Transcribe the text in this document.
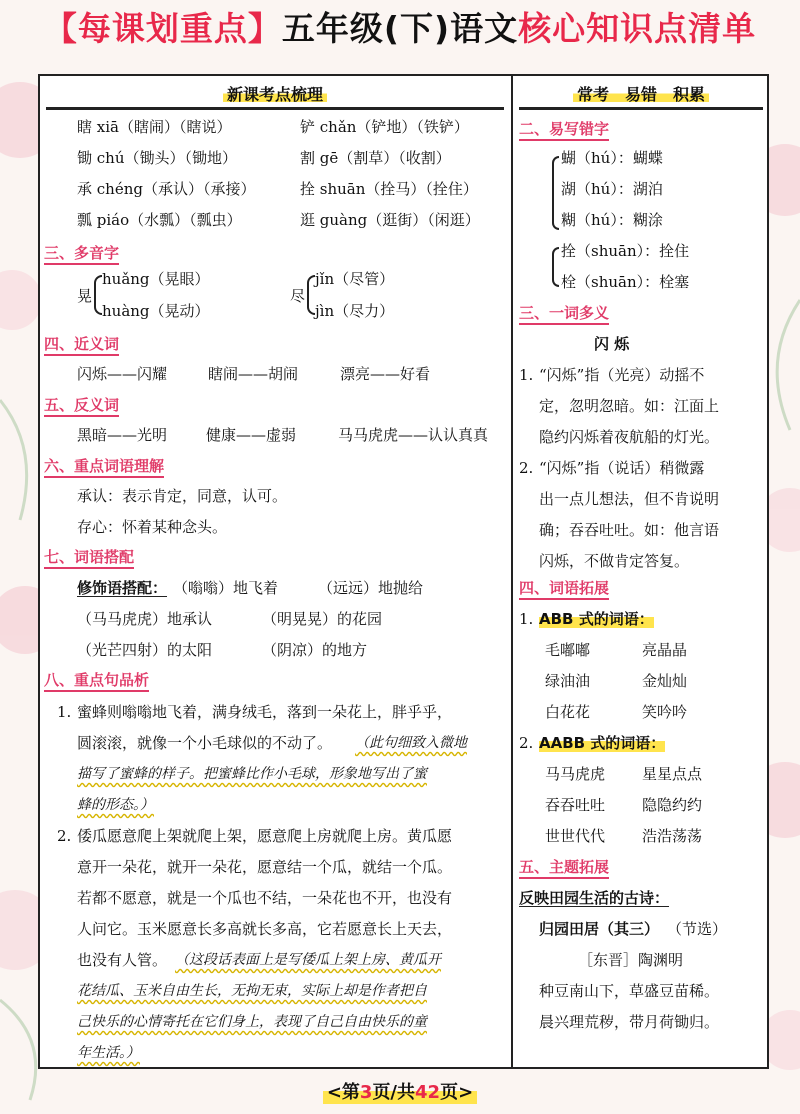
【每课划重点】五年级(下)语文核心知识点清单
新课考点梳理	常考　易错　积累
瞎 xiā（瞎闹）（瞎说）	铲 chǎn（铲地）（铁铲）
锄 chú（锄头）（锄地）	割 gē（割草）（收割）
承 chéng（承认）（承接）	拴 shuān（拴马）（拴住）
瓢 piáo（水瓢）（瓢虫）	逛 guàng（逛街）（闲逛）
三、多音字
晃
huǎng（晃眼）
huàng（晃动）
尽
jǐn（尽管）
jìn（尽力）
四、近义词
闪烁——闪耀	瞎闹——胡闹	漂亮——好看
五、反义词
黑暗——光明	健康——虚弱	马马虎虎——认认真真
六、重点词语理解
承认：表示肯定，同意，认可。
存心：怀着某种念头。
七、词语搭配
修饰语搭配： （嗡嗡）地飞着	（远远）地抛给
（马马虎虎）地承认	（明晃晃）的花园
（光芒四射）的太阳	（阴凉）的地方
八、重点句品析
1. 蜜蜂则嗡嗡地飞着，满身绒毛，落到一朵花上，胖乎乎，
圆滚滚，就像一个小毛球似的不动了。 （此句细致入微地
描写了蜜蜂的样子。把蜜蜂比作小毛球，形象地写出了蜜
蜂的形态。）
2. 倭瓜愿意爬上架就爬上架，愿意爬上房就爬上房。黄瓜愿
意开一朵花，就开一朵花，愿意结一个瓜，就结一个瓜。
若都不愿意，就是一个瓜也不结，一朵花也不开，也没有
人问它。玉米愿意长多高就长多高，它若愿意长上天去，
也没有人管。 （这段话表面上是写倭瓜上架上房、黄瓜开
花结瓜、玉米自由生长，无拘无束，实际上却是作者把自
己快乐的心情寄托在它们身上，表现了自己自由快乐的童
年生活。）
二、易写错字
蝴（hú）：蝴蝶
湖（hú）：湖泊
糊（hú）：糊涂
拴（shuān）：拴住
栓（shuān）：栓塞
三、一词多义
闪 烁
1. “闪烁”指（光亮）动摇不
定，忽明忽暗。如：江面上
隐约闪烁着夜航船的灯光。
2. “闪烁”指（说话）稍微露
出一点儿想法，但不肯说明
确；吞吞吐吐。如：他言语
闪烁，不做肯定答复。
四、词语拓展
1. ABB 式的词语：
毛嘟嘟	亮晶晶
绿油油	金灿灿
白花花	笑吟吟
2. AABB 式的词语：
马马虎虎 星星点点
吞吞吐吐 隐隐约约
世世代代 浩浩荡荡
五、主题拓展
反映田园生活的古诗：
归园田居（其三） （节选）
［东晋］陶渊明
种豆南山下，草盛豆苗稀。
晨兴理荒秽，带月荷锄归。
<第3页/共42页>
